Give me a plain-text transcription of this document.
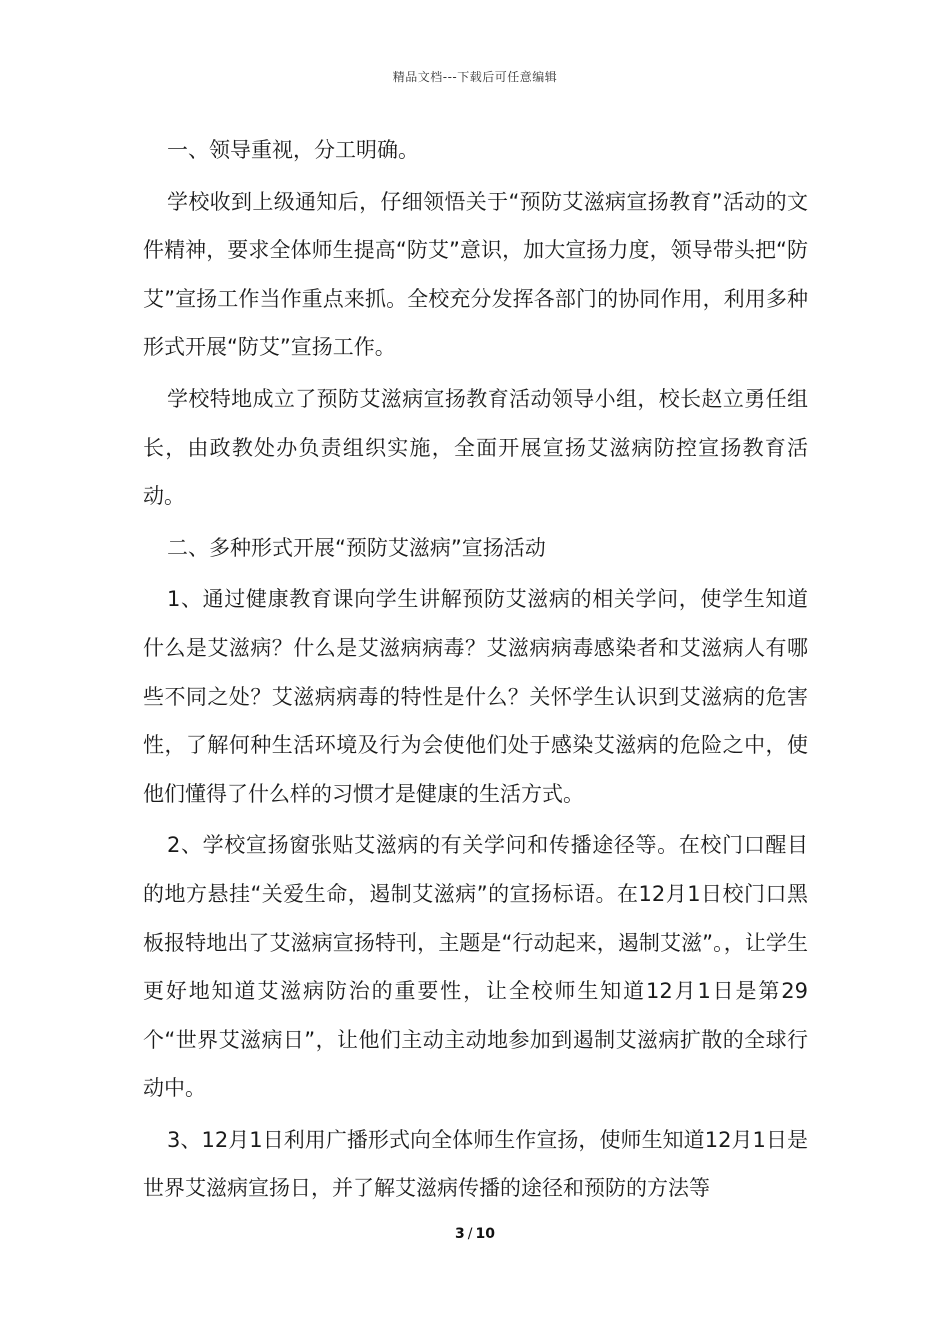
精品文档---下载后可任意编辑

一、领导重视，分工明确。

学校收到上级通知后，仔细领悟关于“预防艾滋病宣扬教育”活动的文件精神，要求全体师生提高“防艾”意识，加大宣扬力度，领导带头把“防艾”宣扬工作当作重点来抓。全校充分发挥各部门的协同作用，利用多种形式开展“防艾”宣扬工作。

学校特地成立了预防艾滋病宣扬教育活动领导小组，校长赵立勇任组长，由政教处办负责组织实施，全面开展宣扬艾滋病防控宣扬教育活动。

二、多种形式开展“预防艾滋病”宣扬活动

1、通过健康教育课向学生讲解预防艾滋病的相关学问，使学生知道什么是艾滋病？什么是艾滋病病毒？艾滋病病毒感染者和艾滋病人有哪些不同之处？艾滋病病毒的特性是什么？关怀学生认识到艾滋病的危害性，了解何种生活环境及行为会使他们处于感染艾滋病的危险之中，使他们懂得了什么样的习惯才是健康的生活方式。

2、学校宣扬窗张贴艾滋病的有关学问和传播途径等。在校门口醒目的地方悬挂“关爱生命，遏制艾滋病”的宣扬标语。在12月1日校门口黑板报特地出了艾滋病宣扬特刊，主题是“行动起来，遏制艾滋”。，让学生更好地知道艾滋病防治的重要性，让全校师生知道12月1日是第29个“世界艾滋病日”，让他们主动主动地参加到遏制艾滋病扩散的全球行动中。

3、12月1日利用广播形式向全体师生作宣扬，使师生知道12月1日是世界艾滋病宣扬日，并了解艾滋病传播的途径和预防的方法等

3 / 10
